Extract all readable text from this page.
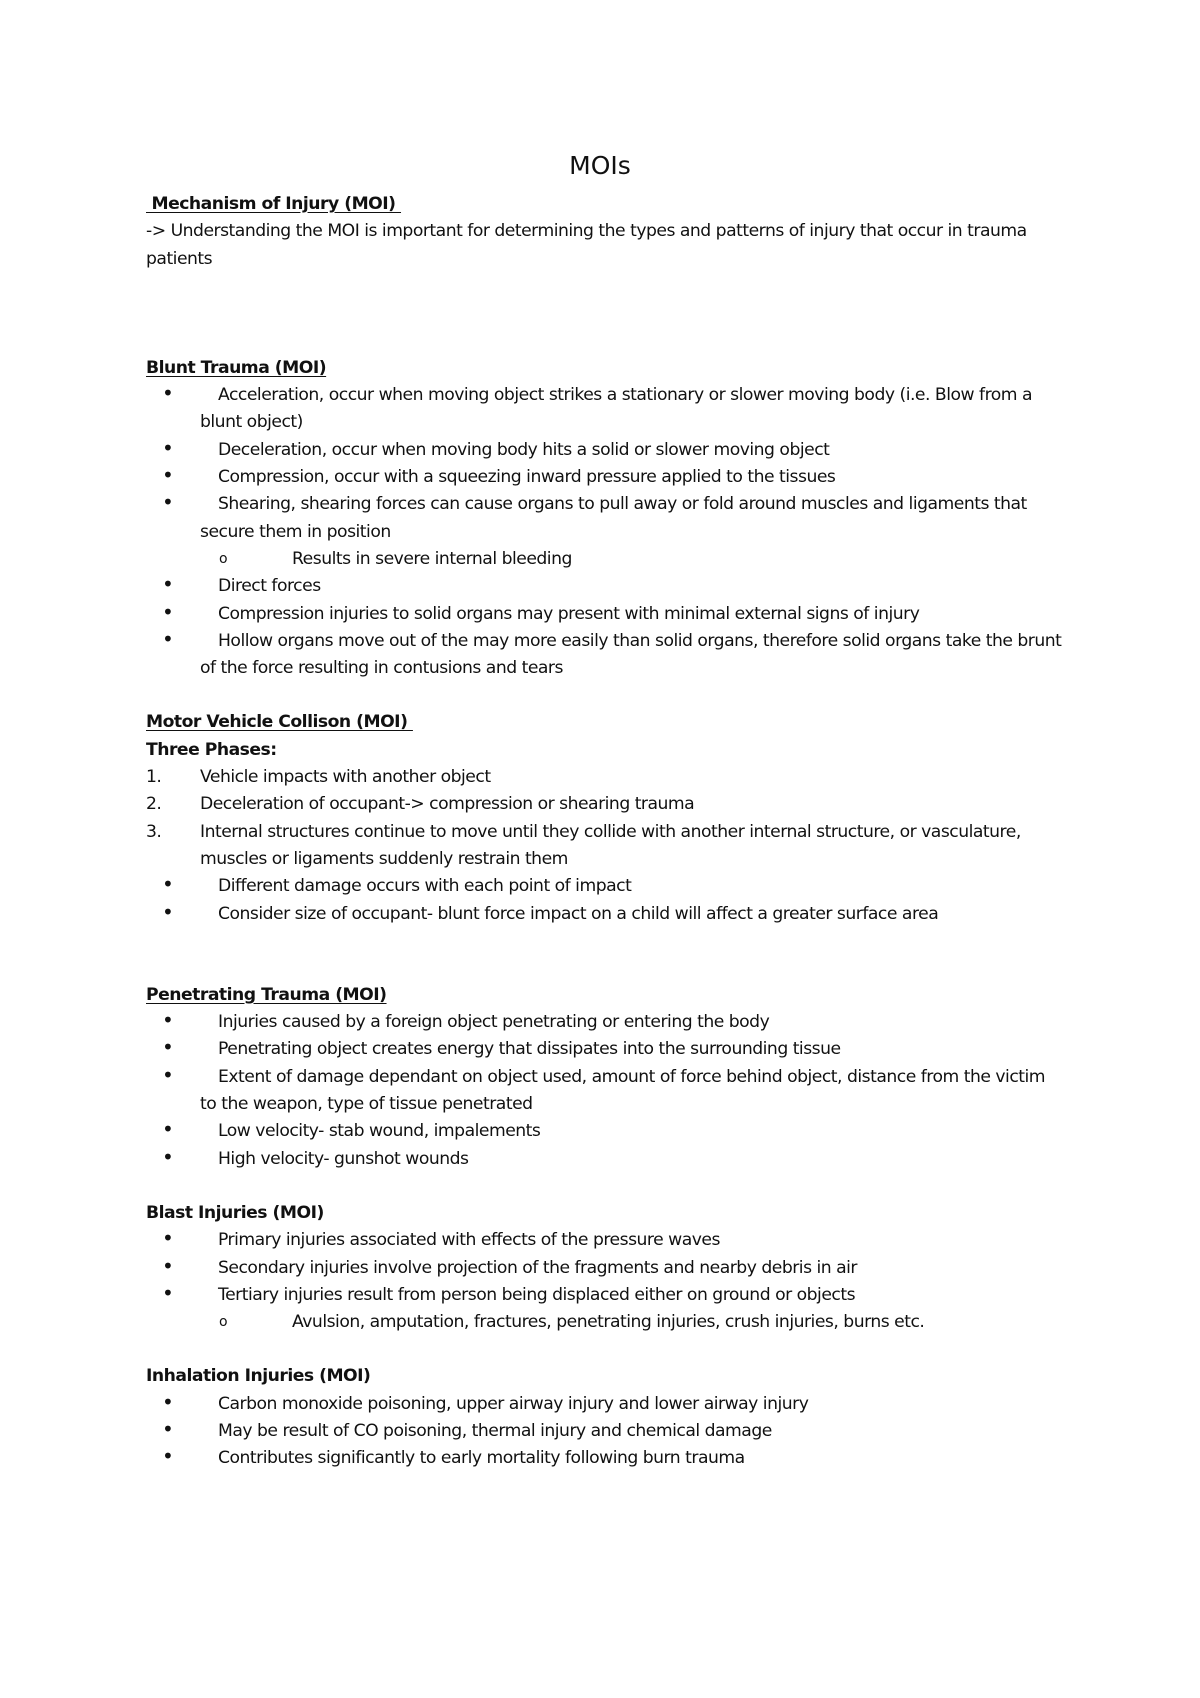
MOIs

Mechanism of Injury (MOI)

-> Understanding the MOI is important for determining the types and patterns of injury that occur in trauma patients

Blunt Trauma (MOI)

•	Acceleration, occur when moving object strikes a stationary or slower moving body (i.e. Blow from a blunt object)
•	Deceleration, occur when moving body hits a solid or slower moving object
•	Compression, occur with a squeezing inward pressure applied to the tissues
•	Shearing, shearing forces can cause organs to pull away or fold around muscles and ligaments that secure them in position
o	Results in severe internal bleeding
•	Direct forces
•	Compression injuries to solid organs may present with minimal external signs of injury
•	Hollow organs move out of the may more easily than solid organs, therefore solid organs take the brunt of the force resulting in contusions and tears

Motor Vehicle Collison (MOI)

Three Phases:

1. Vehicle impacts with another object
2. Deceleration of occupant-> compression or shearing trauma
3. Internal structures continue to move until they collide with another internal structure, or vasculature, muscles or ligaments suddenly restrain them
•	Different damage occurs with each point of impact
•	Consider size of occupant- blunt force impact on a child will affect a greater surface area

Penetrating Trauma (MOI)

•	Injuries caused by a foreign object penetrating or entering the body
•	Penetrating object creates energy that dissipates into the surrounding tissue
•	Extent of damage dependant on object used, amount of force behind object, distance from the victim to the weapon, type of tissue penetrated
•	Low velocity- stab wound, impalements
•	High velocity- gunshot wounds

Blast Injuries (MOI)

•	Primary injuries associated with effects of the pressure waves
•	Secondary injuries involve projection of the fragments and nearby debris in air
•	Tertiary injuries result from person being displaced either on ground or objects
o	Avulsion, amputation, fractures, penetrating injuries, crush injuries, burns etc.

Inhalation Injuries (MOI)

•	Carbon monoxide poisoning, upper airway injury and lower airway injury
•	May be result of CO poisoning, thermal injury and chemical damage
•	Contributes significantly to early mortality following burn trauma
